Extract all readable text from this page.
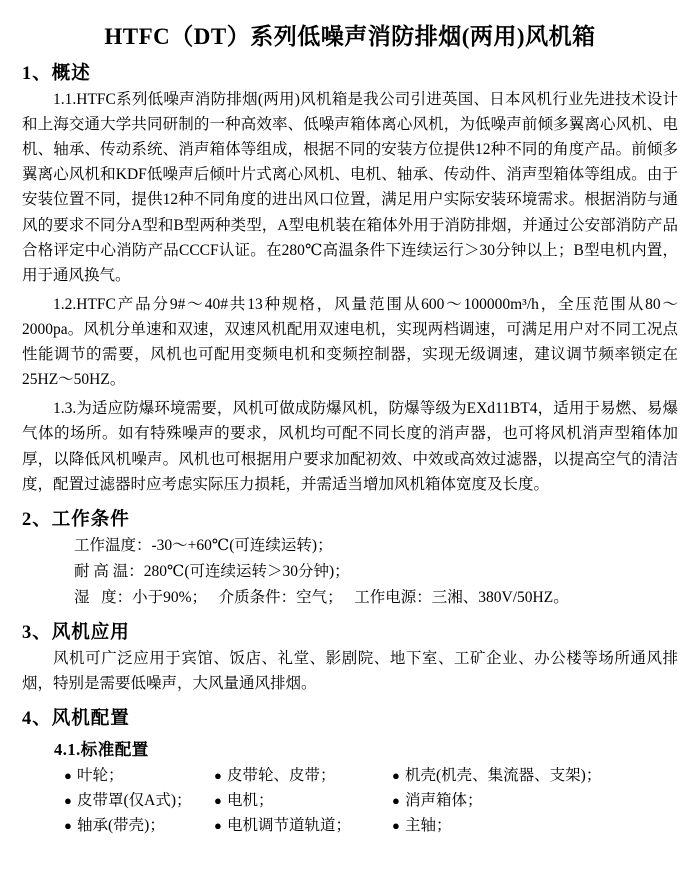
HTFC（DT）系列低噪声消防排烟(两用)风机箱
1、概述

1.1.HTFC系列低噪声消防排烟(两用)风机箱是我公司引进英国、日本风机行业先进技术设计和上海交通大学共同研制的一种高效率、低噪声箱体离心风机，为低噪声前倾多翼离心风机、电机、轴承、传动系统、消声箱体等组成，根据不同的安装方位提供12种不同的角度产品。前倾多翼离心风机和KDF低噪声后倾叶片式离心风机、电机、轴承、传动件、消声型箱体等组成。由于安装位置不同，提供12种不同角度的进出风口位置，满足用户实际安装环境需求。根据消防与通风的要求不同分A型和B型两种类型，A型电机装在箱体外用于消防排烟，并通过公安部消防产品合格评定中心消防产品CCCF认证。在280℃高温条件下连续运行＞30分钟以上；B型电机内置，用于通风换气。

1.2.HTFC产品分9#～40#共13种规格，风量范围从600～100000m³/h，全压范围从80～2000pa。风机分单速和双速，双速风机配用双速电机，实现两档调速，可满足用户对不同工况点性能调节的需要，风机也可配用变频电机和变频控制器，实现无级调速，建议调节频率锁定在25HZ～50HZ。

1.3.为适应防爆环境需要，风机可做成防爆风机，防爆等级为EXd11BT4，适用于易燃、易爆气体的场所。如有特殊噪声的要求，风机均可配不同长度的消声器，也可将风机消声型箱体加厚，以降低风机噪声。风机也可根据用户要求加配初效、中效或高效过滤器，以提高空气的清洁度，配置过滤器时应考虑实际压力损耗，并需适当增加风机箱体宽度及长度。

2、工作条件
工作温度：-30～+60℃(可连续运转)；
耐 高 温：280℃(可连续运转＞30分钟)；
湿   度：小于90%；   介质条件：空气；   工作电源：三湘、380V/50HZ。
3、风机应用

风机可广泛应用于宾馆、饭店、礼堂、影剧院、地下室、工矿企业、办公楼等场所通风排烟，特别是需要低噪声，大风量通风排烟。

4、风机配置
4.1.标准配置
● 叶轮；	● 皮带轮、皮带；	● 机壳(机壳、集流器、支架)；
● 皮带罩(仅A式)； ● 电机；	● 消声箱体；
● 轴承(带壳)；	● 电机调节道轨道；	● 主轴；
